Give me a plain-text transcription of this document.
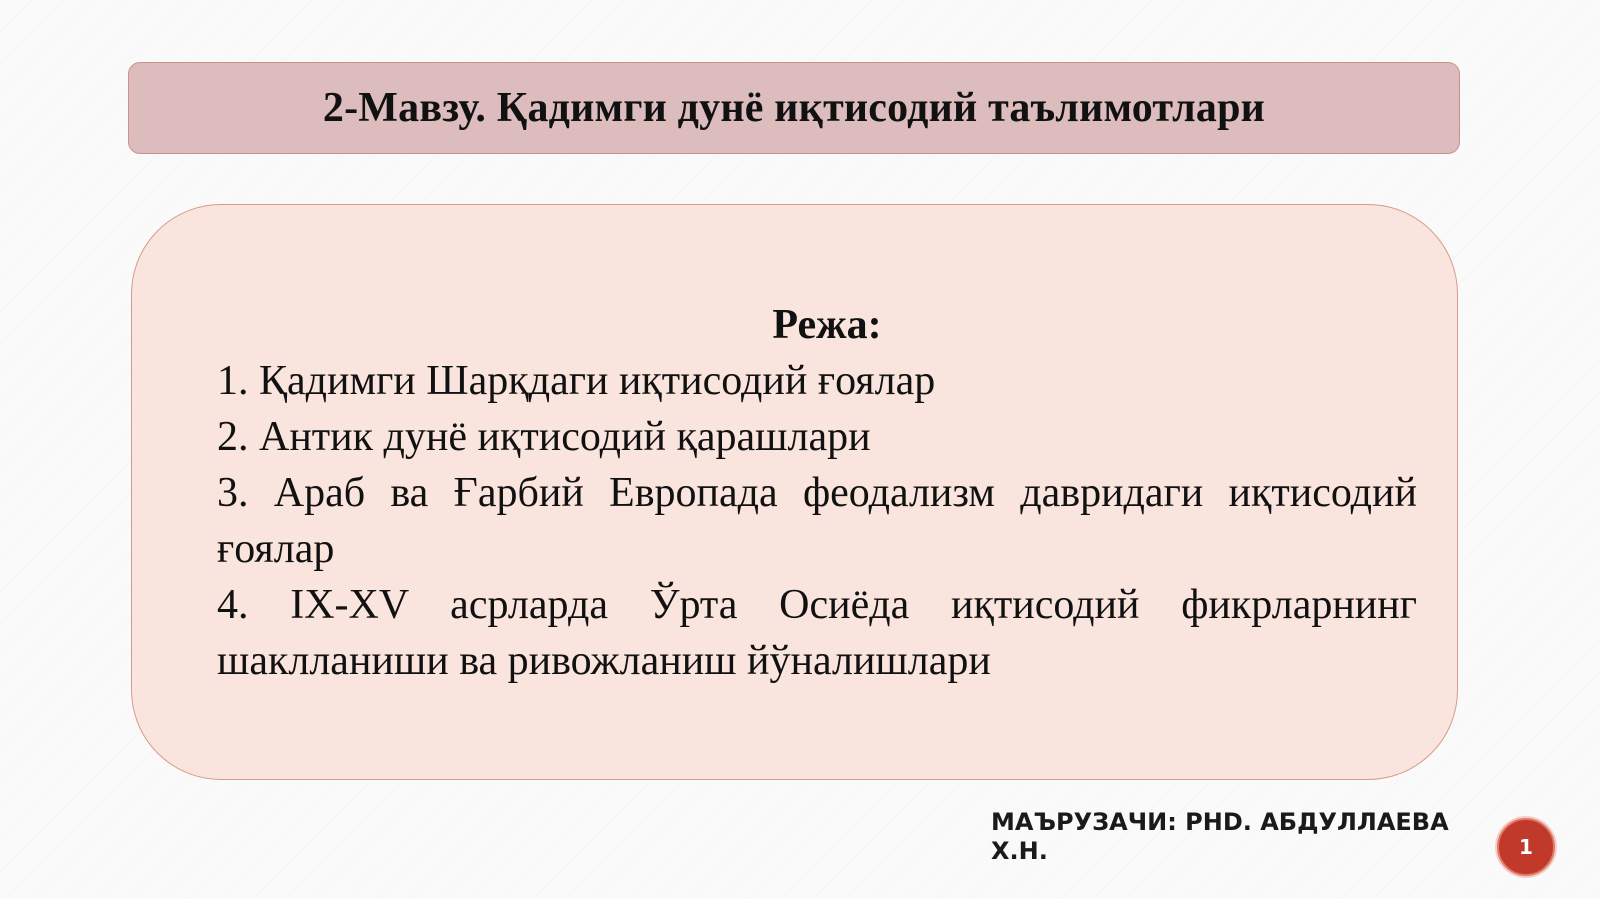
2-Мавзу. Қадимги дунё иқтисодий таълимотлари

Режа:

1. Қадимги Шарқдаги иқтисодий ғоялар
2. Антик дунё иқтисодий қарашлари
3. Араб ва Ғарбий Европада феодализм давридаги иқтисодий ғоялар
4. IX-XV асрларда Ўрта Осиёда иқтисодий фикрларнинг шаклланиши ва ривожланиш йўналишлари
МАЪРУЗАЧИ: PHD. АБДУЛЛАЕВА Х.Н.	1
